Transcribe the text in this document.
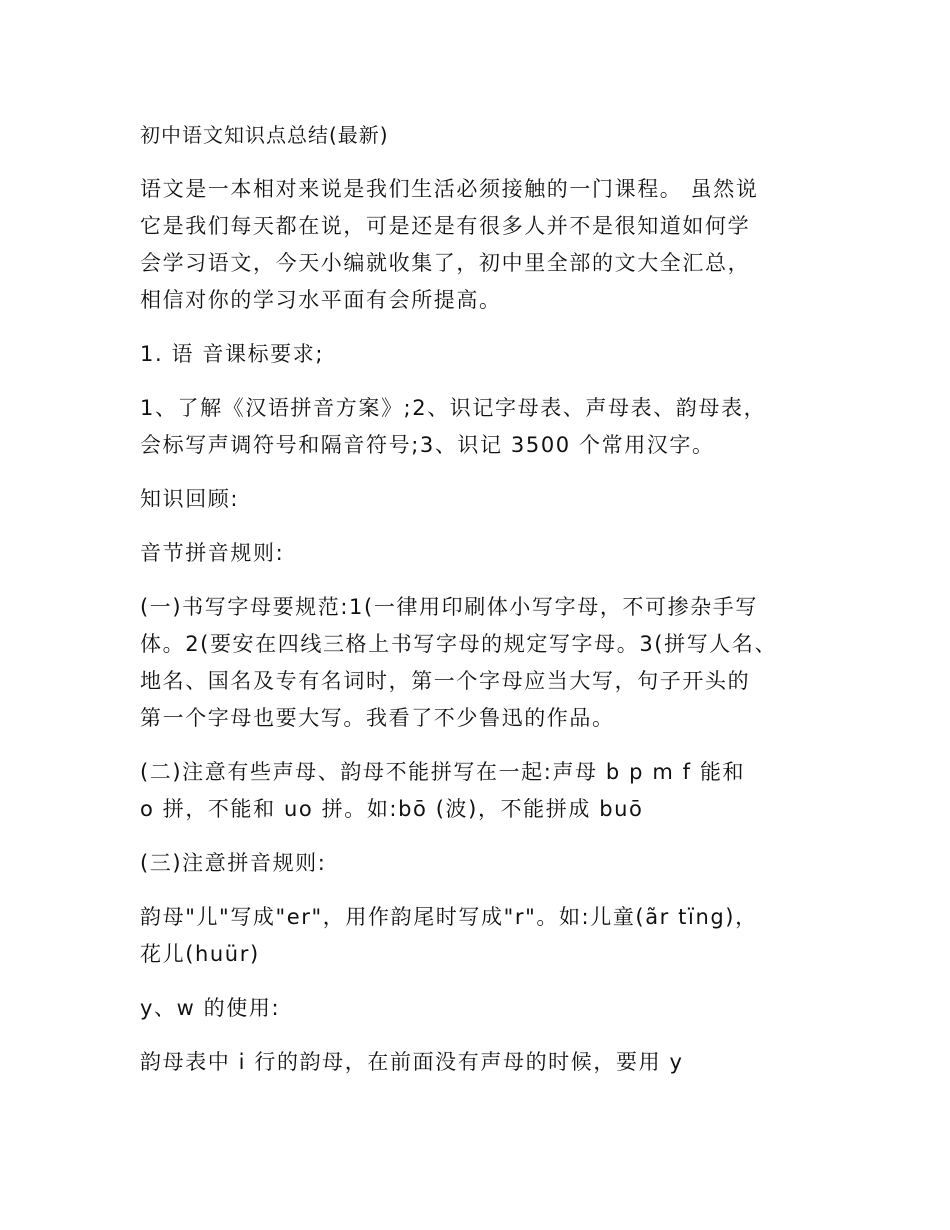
初中语文知识点总结(最新)
语文是一本相对来说是我们生活必须接触的一门课程。 虽然说
它是我们每天都在说，可是还是有很多人并不是很知道如何学
会学习语文，今天小编就收集了，初中里全部的文大全汇总，
相信对你的学习水平面有会所提高。
1. 语 音课标要求;
1、了解《汉语拼音方案》;2、识记字母表、声母表、韵母表，
会标写声调符号和隔音符号;3、识记 3500 个常用汉字。
知识回顾:
音节拼音规则:
(一)书写字母要规范:1(一律用印刷体小写字母，不可掺杂手写
体。2(要安在四线三格上书写字母的规定写字母。3(拼写人名、
地名、国名及专有名词时，第一个字母应当大写，句子开头的
第一个字母也要大写。我看了不少鲁迅的作品。
(二)注意有些声母、韵母不能拼写在一起:声母 b p m f 能和
o 拼，不能和 uo 拼。如:bō (波)，不能拼成 buō
(三)注意拼音规则:
韵母"儿"写成"er"，用作韵尾时写成"r"。如:儿童(ãr tïng)，
花儿(huür)
y、w 的使用:
韵母表中 i 行的韵母，在前面没有声母的时候，要用 y
